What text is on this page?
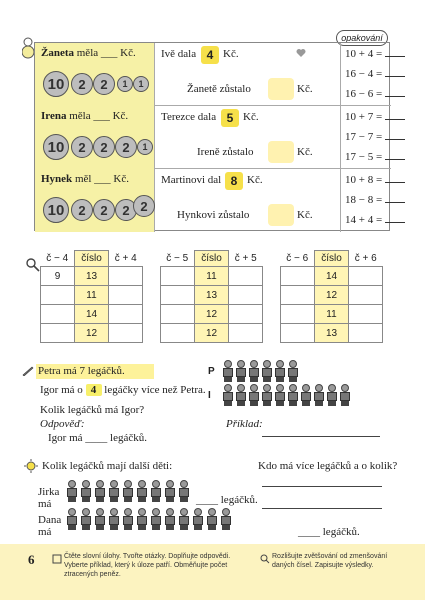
opakování
Žaneta měla ___ Kč.
10	2	2	1	1
Ivě dala 4 Kč.
Žanetě zůstalo	Kč.
10 + 4 =
16 − 4 =
16 − 6 =
Irena měla ___ Kč.
10	2	2	2	1
Terezce dala 5 Kč.
Ireně zůstalo	Kč.
10 + 7 =
17 − 7 =
17 − 5 =
Hynek měl ___ Kč.
10	2	2	2 2
Martinovi dal 8 Kč.
Hynkovi zůstalo	Kč.
10 + 8 =
18 − 8 =
14 + 4 =
č − 4	číslo	č + 4
9	13	
	11	
	14	
	12	
č − 5	číslo	č + 5
	11	
	13	
	12	
	12	
č − 6	číslo	č + 6
	14	
	12	
	11	
	13	
Petra má 7 legáčků.
Igor má o 4 legáčky více než Petra.
Kolik legáčků má Igor?
Odpověď:
Igor má ____ legáčků.
Příklad:
P
I
Kolik legáčků mají další děti:	Kdo má více legáčků a o kolik?
Jirka
má	____ legáčků.
Dana
má	____ legáčků.
6	Čtěte slovní úlohy. Tvořte otázky. Doplňujte odpovědi. Vyberte příklad, který k úloze patří. Obměňujte počet ztracených peněz.
Rozlišujte zvětšování od zmenšování daných čísel. Zapisujte výsledky.
